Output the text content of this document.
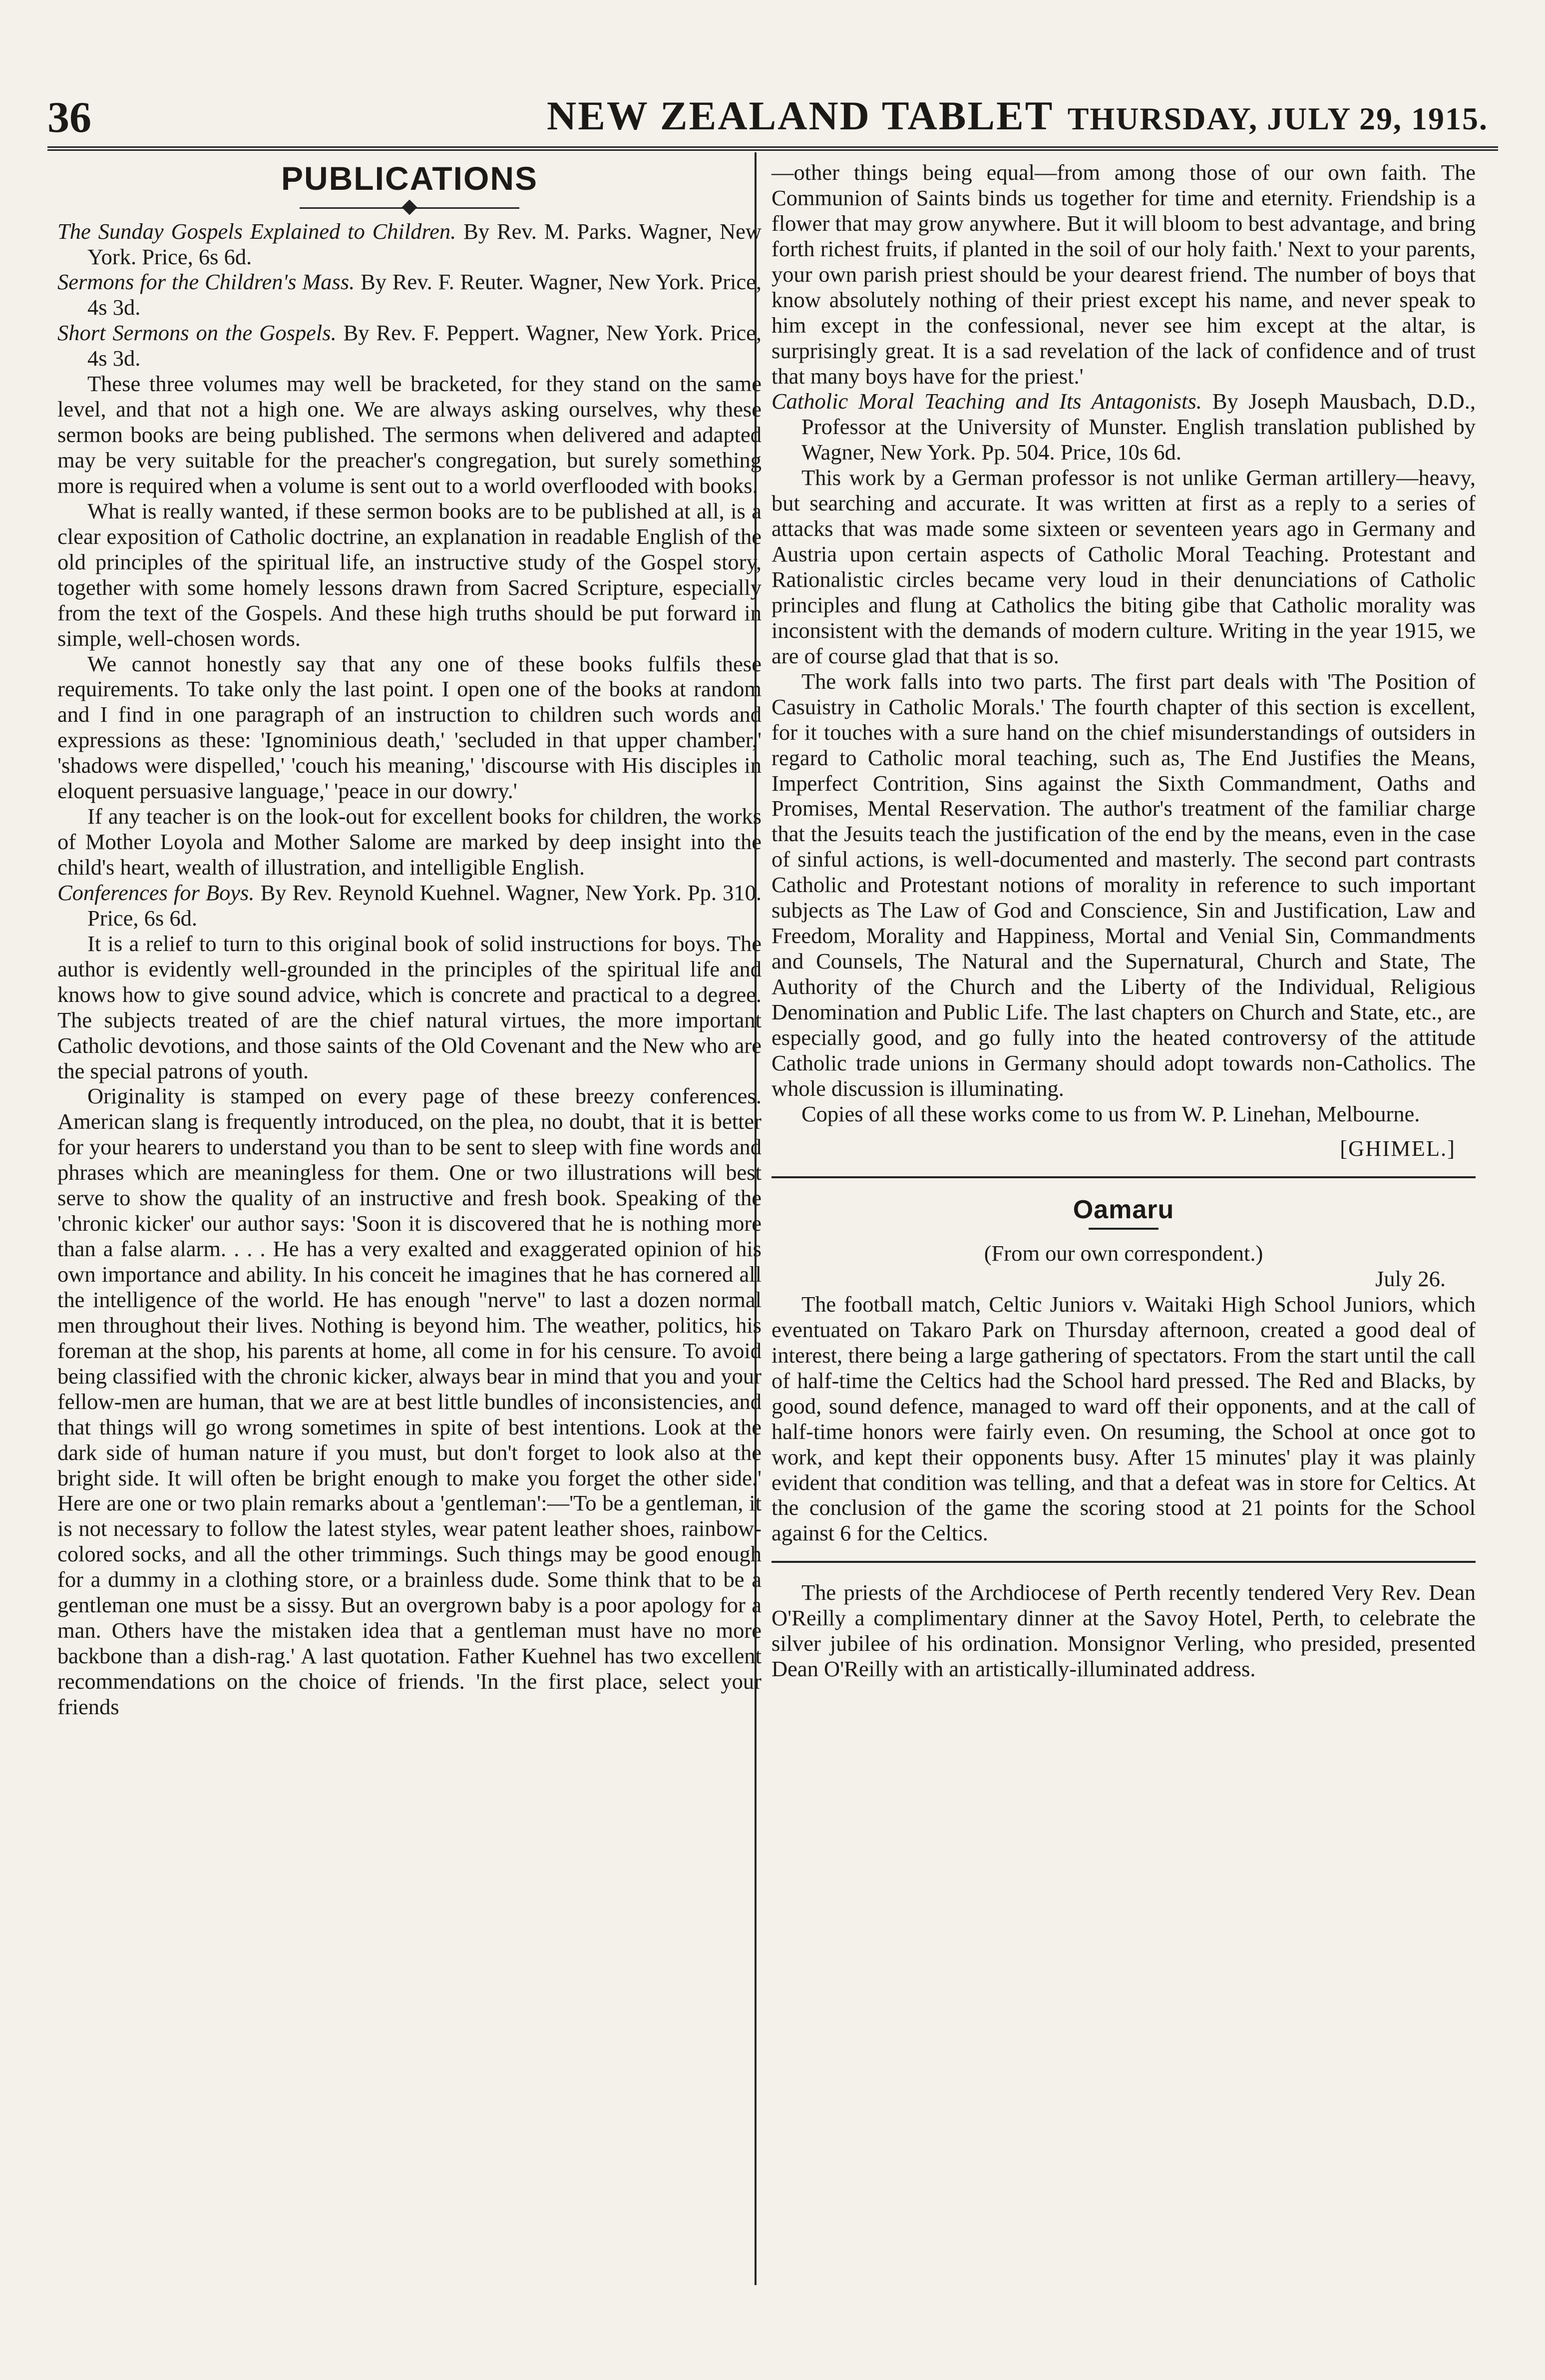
36	NEW ZEALAND TABLET THURSDAY, JULY 29, 1915.
PUBLICATIONS

The Sunday Gospels Explained to Children. By Rev. M. Parks. Wagner, New York. Price, 6s 6d.

Sermons for the Children's Mass. By Rev. F. Reuter. Wagner, New York. Price, 4s 3d.

Short Sermons on the Gospels. By Rev. F. Peppert. Wagner, New York. Price, 4s 3d.

These three volumes may well be bracketed, for they stand on the same level, and that not a high one. We are always asking ourselves, why these sermon books are being published. The sermons when delivered and adapted may be very suitable for the preacher's congregation, but surely something more is required when a volume is sent out to a world overflooded with books.

What is really wanted, if these sermon books are to be published at all, is a clear exposition of Catholic doctrine, an explanation in readable English of the old principles of the spiritual life, an instructive study of the Gospel story, together with some homely lessons drawn from Sacred Scripture, especially from the text of the Gospels. And these high truths should be put forward in simple, well-chosen words.

We cannot honestly say that any one of these books fulfils these requirements. To take only the last point. I open one of the books at random and I find in one paragraph of an instruction to children such words and expressions as these: 'Ignominious death,' 'secluded in that upper chamber,' 'shadows were dispelled,' 'couch his meaning,' 'discourse with His disciples in eloquent persuasive language,' 'peace in our dowry.'

If any teacher is on the look-out for excellent books for children, the works of Mother Loyola and Mother Salome are marked by deep insight into the child's heart, wealth of illustration, and intelligible English.

Conferences for Boys. By Rev. Reynold Kuehnel. Wagner, New York. Pp. 310. Price, 6s 6d.

It is a relief to turn to this original book of solid instructions for boys. The author is evidently well-grounded in the principles of the spiritual life and knows how to give sound advice, which is concrete and practical to a degree. The subjects treated of are the chief natural virtues, the more important Catholic devotions, and those saints of the Old Covenant and the New who are the special patrons of youth.

Originality is stamped on every page of these breezy conferences. American slang is frequently introduced, on the plea, no doubt, that it is better for your hearers to understand you than to be sent to sleep with fine words and phrases which are meaningless for them. One or two illustrations will best serve to show the quality of an instructive and fresh book. Speaking of the 'chronic kicker' our author says: 'Soon it is discovered that he is nothing more than a false alarm. . . . He has a very exalted and exaggerated opinion of his own importance and ability. In his conceit he imagines that he has cornered all the intelligence of the world. He has enough "nerve" to last a dozen normal men throughout their lives. Nothing is beyond him. The weather, politics, his foreman at the shop, his parents at home, all come in for his censure. To avoid being classified with the chronic kicker, always bear in mind that you and your fellow-men are human, that we are at best little bundles of inconsistencies, and that things will go wrong sometimes in spite of best intentions. Look at the dark side of human nature if you must, but don't forget to look also at the bright side. It will often be bright enough to make you forget the other side.' Here are one or two plain remarks about a 'gentleman':—'To be a gentleman, it is not necessary to follow the latest styles, wear patent leather shoes, rainbow-colored socks, and all the other trimmings. Such things may be good enough for a dummy in a clothing store, or a brainless dude. Some think that to be a gentleman one must be a sissy. But an overgrown baby is a poor apology for a man. Others have the mistaken idea that a gentleman must have no more backbone than a dish-rag.' A last quotation. Father Kuehnel has two excellent recommendations on the choice of friends. 'In the first place, select your friends

—other things being equal—from among those of our own faith. The Communion of Saints binds us together for time and eternity. Friendship is a flower that may grow anywhere. But it will bloom to best advantage, and bring forth richest fruits, if planted in the soil of our holy faith.' Next to your parents, your own parish priest should be your dearest friend. The number of boys that know absolutely nothing of their priest except his name, and never speak to him except in the confessional, never see him except at the altar, is surprisingly great. It is a sad revelation of the lack of confidence and of trust that many boys have for the priest.'

Catholic Moral Teaching and Its Antagonists. By Joseph Mausbach, D.D., Professor at the University of Munster. English translation published by Wagner, New York. Pp. 504. Price, 10s 6d.

This work by a German professor is not unlike German artillery—heavy, but searching and accurate. It was written at first as a reply to a series of attacks that was made some sixteen or seventeen years ago in Germany and Austria upon certain aspects of Catholic Moral Teaching. Protestant and Rationalistic circles became very loud in their denunciations of Catholic principles and flung at Catholics the biting gibe that Catholic morality was inconsistent with the demands of modern culture. Writing in the year 1915, we are of course glad that that is so.

The work falls into two parts. The first part deals with 'The Position of Casuistry in Catholic Morals.' The fourth chapter of this section is excellent, for it touches with a sure hand on the chief misunderstandings of outsiders in regard to Catholic moral teaching, such as, The End Justifies the Means, Imperfect Contrition, Sins against the Sixth Commandment, Oaths and Promises, Mental Reservation. The author's treatment of the familiar charge that the Jesuits teach the justification of the end by the means, even in the case of sinful actions, is well-documented and masterly. The second part contrasts Catholic and Protestant notions of morality in reference to such important subjects as The Law of God and Conscience, Sin and Justification, Law and Freedom, Morality and Happiness, Mortal and Venial Sin, Commandments and Counsels, The Natural and the Supernatural, Church and State, The Authority of the Church and the Liberty of the Individual, Religious Denomination and Public Life. The last chapters on Church and State, etc., are especially good, and go fully into the heated controversy of the attitude Catholic trade unions in Germany should adopt towards non-Catholics. The whole discussion is illuminating.

Copies of all these works come to us from W. P. Linehan, Melbourne.

[GHIMEL.]

Oamaru

(From our own correspondent.)

July 26.

The football match, Celtic Juniors v. Waitaki High School Juniors, which eventuated on Takaro Park on Thursday afternoon, created a good deal of interest, there being a large gathering of spectators. From the start until the call of half-time the Celtics had the School hard pressed. The Red and Blacks, by good, sound defence, managed to ward off their opponents, and at the call of half-time honors were fairly even. On resuming, the School at once got to work, and kept their opponents busy. After 15 minutes' play it was plainly evident that condition was telling, and that a defeat was in store for Celtics. At the conclusion of the game the scoring stood at 21 points for the School against 6 for the Celtics.

The priests of the Archdiocese of Perth recently tendered Very Rev. Dean O'Reilly a complimentary dinner at the Savoy Hotel, Perth, to celebrate the silver jubilee of his ordination. Monsignor Verling, who presided, presented Dean O'Reilly with an artistically-illuminated address.
